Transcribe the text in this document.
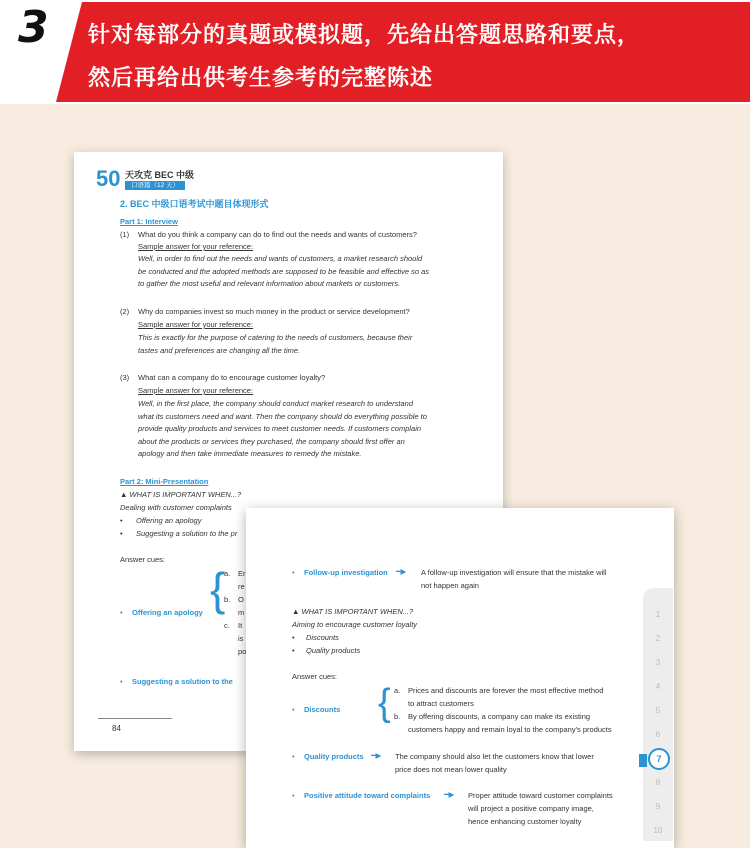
3	针对每部分的真题或模拟题，先给出答题思路和要点，
然后再给出供考生参考的完整陈述
50 天攻克 BEC 中级
口语篇（12 天）
2. BEC 中级口语考试中题目体现形式
Part 1: Interview
(1) What do you think a company can do to find out the needs and wants of customers?
Sample answer for your reference:
Well, in order to find out the needs and wants of customers, a market research should
be conducted and the adopted methods are supposed to be feasible and effective so as
to gather the most useful and relevant information about markets or customers.
(2) Why do companies invest so much money in the product or service development?
Sample answer for your reference:
This is exactly for the purpose of catering to the needs of customers, because their
tastes and preferences are changing all the time.
(3) What can a company do to encourage customer loyalty?
Sample answer for your reference:
Well, in the first place, the company should conduct market research to understand
what its customers need and want. Then the company should do everything possible to
provide quality products and services to meet customer needs. If customers complain
about the products or services they purchased, the company should first offer an
apology and then take immediate measures to remedy the mistake.
Part 2: Mini-Presentation
▲ WHAT IS IMPORTANT WHEN...?
Dealing with customer complaints
• Offering an apology
• Suggesting a solution to the pr
Answer cues:
• Offering an apology {
a. Er
re
b. O
m
c. It
is
po
• Suggesting a solution to the
84
• Follow-up investigation ━▶ A follow-up investigation will ensure that the mistake will
not happen again
▲ WHAT IS IMPORTANT WHEN...?
Aiming to encourage customer loyalty
• Discounts
• Quality products
Answer cues:
• Discounts { a. Prices and discounts are forever the most effective method
to attract customers
b. By offering discounts, a company can make its existing
customers happy and remain loyal to the company's products
• Quality products ━▶ The company should also let the customers know that lower
price does not mean lower quality
• Positive attitude toward complaints ━▶ Proper attitude toward customer complaints
will project a positive company image,
hence enhancing customer loyalty
1
2
3
4
5
6
7
8
9
10
